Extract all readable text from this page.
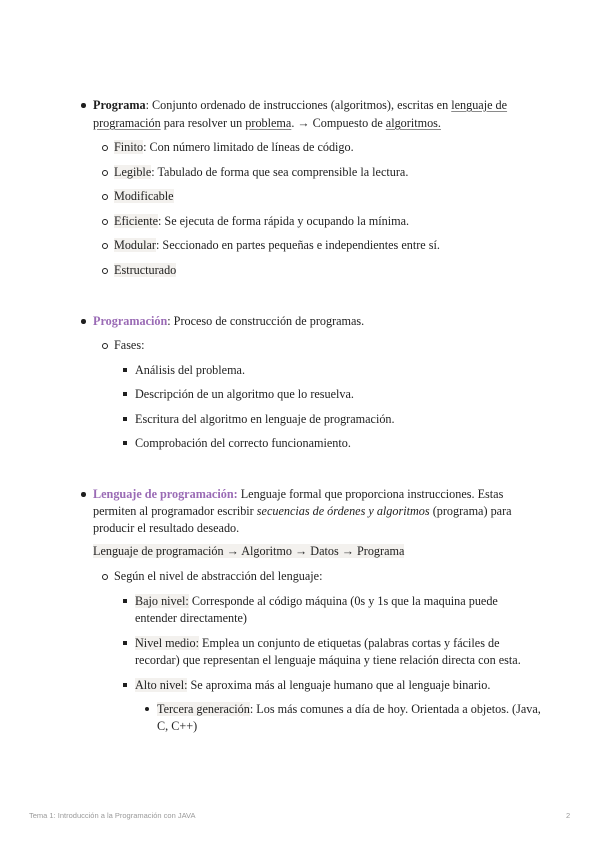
Programa: Conjunto ordenado de instrucciones (algoritmos), escritas en lenguaje de
programación para resolver un problema. → Compuesto de algoritmos.
Finito: Con número limitado de líneas de código.
Legible: Tabulado de forma que sea comprensible la lectura.
Modificable
Eficiente: Se ejecuta de forma rápida y ocupando la mínima.
Modular: Seccionado en partes pequeñas e independientes entre sí.
Estructurado
Programación: Proceso de construcción de programas.
Fases:
Análisis del problema.
Descripción de un algoritmo que lo resuelva.
Escritura del algoritmo en lenguaje de programación.
Comprobación del correcto funcionamiento.
Lenguaje de programación: Lenguaje formal que proporciona instrucciones. Estas
permiten al programador escribir secuencias de órdenes y algoritmos (programa) para
producir el resultado deseado.
Lenguaje de programación → Algoritmo → Datos → Programa
Según el nivel de abstracción del lenguaje:
Bajo nivel: Corresponde al código máquina (0s y 1s que la maquina puede
entender directamente)
Nivel medio: Emplea un conjunto de etiquetas (palabras cortas y fáciles de
recordar) que representan el lenguaje máquina y tiene relación directa con esta.
Alto nivel: Se aproxima más al lenguaje humano que al lenguaje binario.
Tercera generación: Los más comunes a día de hoy. Orientada a objetos. (Java,
C, C++)
Tema 1: Introducción a la Programación con JAVA	2
